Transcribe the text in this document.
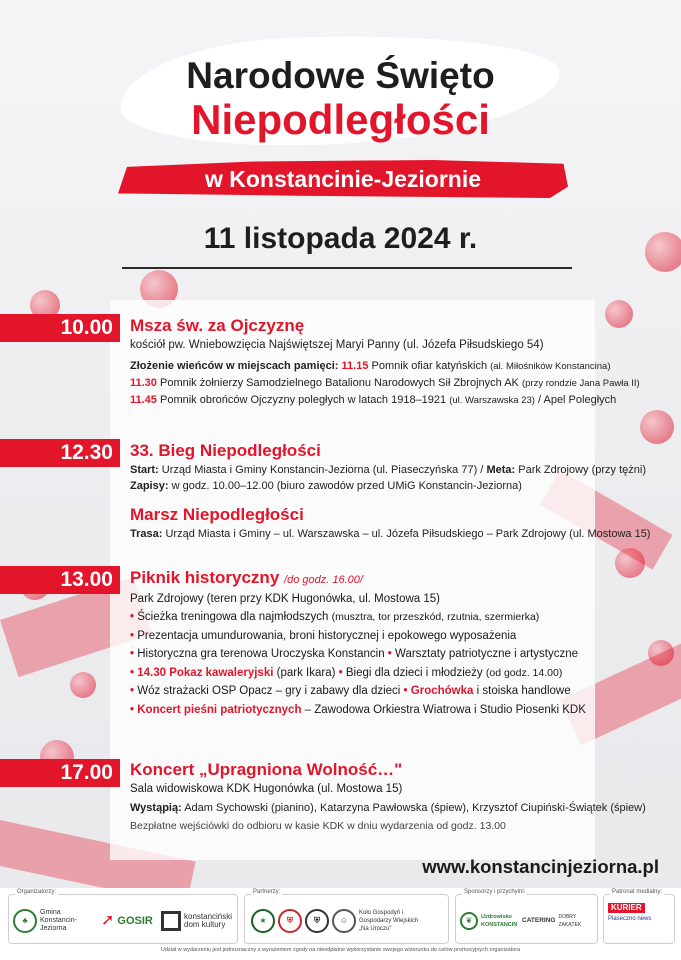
Narodowe Święto
Niepodległości
w Konstancinie-Jeziornie
11 listopada 2024 r.
10.00	Msza św. za Ojczyznę
kościół pw. Wniebowzięcia Najświętszej Maryi Panny (ul. Józefa Piłsudskiego 54)
Złożenie wieńców w miejscach pamięci: 11.15 Pomnik ofiar katyńskich (al. Miłośników Konstancina)
11.30 Pomnik żołnierzy Samodzielnego Batalionu Narodowych Sił Zbrojnych AK (przy rondzie Jana Pawła II)
11.45 Pomnik obrońców Ojczyzny poległych w latach 1918–1921 (ul. Warszawska 23) / Apel Poległych
12.30	33. Bieg Niepodległości
Start: Urząd Miasta i Gminy Konstancin-Jeziorna (ul. Piaseczyńska 77) / Meta: Park Zdrojowy (przy tężni)
Zapisy: w godz. 10.00–12.00 (biuro zawodów przed UMiG Konstancin-Jeziorna)
Marsz Niepodległości
Trasa: Urząd Miasta i Gminy – ul. Warszawska – ul. Józefa Piłsudskiego – Park Zdrojowy (ul. Mostowa 15)
13.00	Piknik historyczny /do godz. 16.00/
Park Zdrojowy (teren przy KDK Hugonówka, ul. Mostowa 15)
• Ścieżka treningowa dla najmłodszych (musztra, tor przeszkód, rzutnia, szermierka)
• Prezentacja umundurowania, broni historycznej i epokowego wyposażenia
• Historyczna gra terenowa Uroczyska Konstancin • Warsztaty patriotyczne i artystyczne
• 14.30 Pokaz kawaleryjski (park Ikara) • Biegi dla dzieci i młodzieży (od godz. 14.00)
• Wóz strażacki OSP Opacz – gry i zabawy dla dzieci • Grochówka i stoiska handlowe
• Koncert pieśni patriotycznych – Zawodowa Orkiestra Wiatrowa i Studio Piosenki KDK
17.00	Koncert „Upragniona Wolność…"
Sala widowiskowa KDK Hugonówka (ul. Mostowa 15)
Wystąpią: Adam Sychowski (pianino), Katarzyna Pawłowska (śpiew), Krzysztof Ciupiński-Świątek (śpiew)
Bezpłatne wejściówki do odbioru w kasie KDK w dniu wydarzenia od godz. 13.00
www.konstancinjeziorna.pl
Organizatorzy:
♣
Gmina Konstancin-Jeziorna	➚ GOSIR	konstanciński dom kultury
Partnerzy:
★	⛨	⛨	☺
Koło Gospodyń i Gospodarzy Wiejskich „Na Uroczu"
Sponsorzy i przychylni:
❦	Uzdrowisko KONSTANCIN
CATERING DOBRY ZAKĄTEK
Patronat medialny:
KURIER
Piaseczno news
Udział w wydarzeniu jest jednoznaczny z wyrażeniem zgody na nieodpłatne wykorzystanie swojego wizerunku do celów promocyjnych organizatora
